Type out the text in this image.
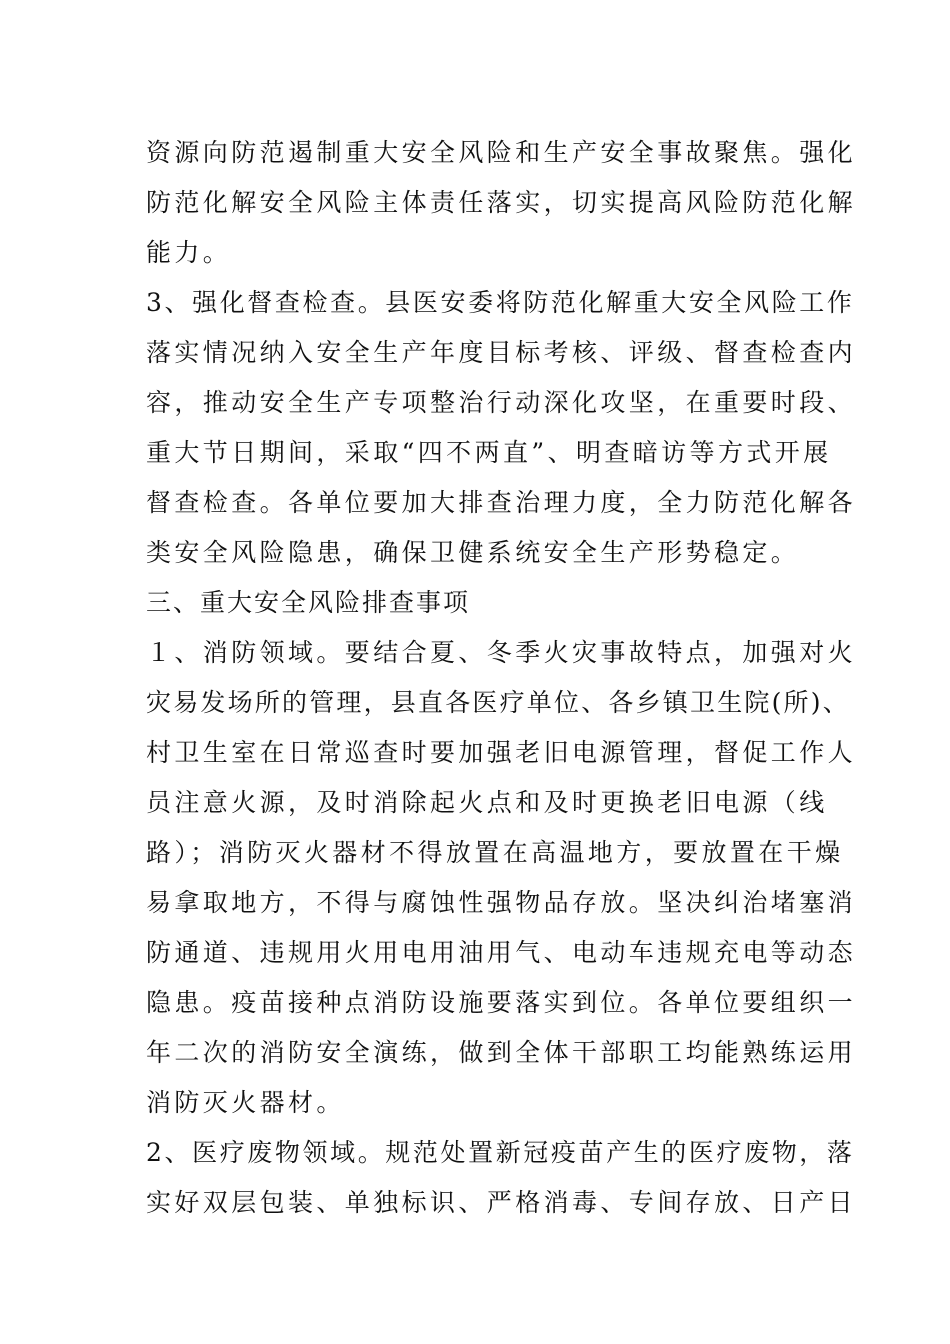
资源向防范遏制重大安全风险和生产安全事故聚焦。强化
防范化解安全风险主体责任落实，切实提高风险防范化解
能力。
3、强化督查检查。县医安委将防范化解重大安全风险工作
落实情况纳入安全生产年度目标考核、评级、督查检查内
容，推动安全生产专项整治行动深化攻坚，在重要时段、
重大节日期间，采取“四不两直”、明查暗访等方式开展
督查检查。各单位要加大排查治理力度，全力防范化解各
类安全风险隐患，确保卫健系统安全生产形势稳定。
三、重大安全风险排查事项
１、消防领域。要结合夏、冬季火灾事故特点，加强对火
灾易发场所的管理，县直各医疗单位、各乡镇卫生院(所)、
村卫生室在日常巡查时要加强老旧电源管理，督促工作人
员注意火源，及时消除起火点和及时更换老旧电源（线
路）；消防灭火器材不得放置在高温地方，要放置在干燥
易拿取地方，不得与腐蚀性强物品存放。坚决纠治堵塞消
防通道、违规用火用电用油用气、电动车违规充电等动态
隐患。疫苗接种点消防设施要落实到位。各单位要组织一
年二次的消防安全演练，做到全体干部职工均能熟练运用
消防灭火器材。
2、医疗废物领域。规范处置新冠疫苗产生的医疗废物，落
实好双层包装、单独标识、严格消毒、专间存放、日产日
